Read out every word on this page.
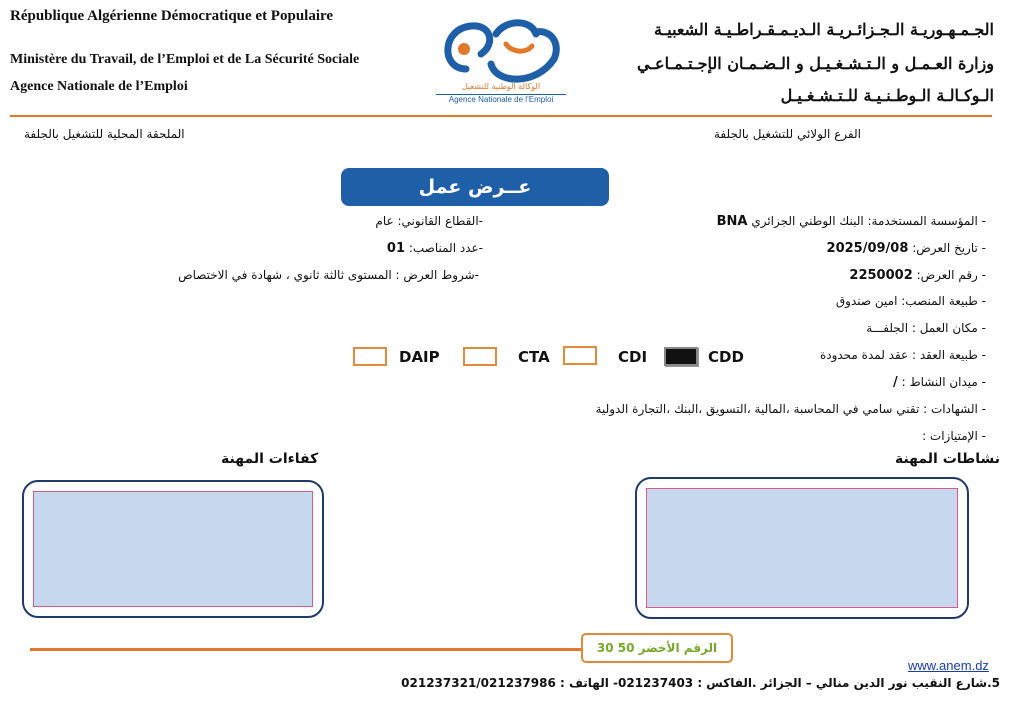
République Algérienne Démocratique et Populaire
Ministère du Travail, de l’Emploi et de La Sécurité Sociale
Agence Nationale de l’Emploi	الوكالة الوطنية للتشغيل
Agence Nationale de l’Emploi
الجـمـهـوريـة الـجـزائـريـة الـديـمـقـراطـيـة الشعبيـة
وزارة العـمـل و الـتـشـغـيـل و الـضـمـان الإجـتـمـاعـي
الـوكـالـة الـوطـنـيـة للـتـشـغـيـل
الملحقة المحلية للتشغيل بالجلفة	الفرع الولائي للتشغيل بالجلفة
عــرض عمل
- المؤسسة المستخدمة: البنك الوطني الجزائري BNA
- تاريخ العرض: 2025/09/08
- رقم العرض: 2250002
- طبيعة المنصب: امين صندوق
- مكان العمل : الجلفـــة
- طبيعة العقد : عقد لمدة محدودة
- ميدان النشاط : /
- الشهادات : تقني سامي في المحاسبة ،المالية ،التسويق ،البنك ،التجارة الدولية
- الإمتيازات :
-القطاع القانوني: عام
-عدد المناصب: 01
-شروط العرض : المستوى ثالثة ثانوي ، شهادة في الاختصاص
DAIP	CTA	CDI	CDD
كفاءات المهنة	نشاطات المهنة
الرقم الأخضر 50 30
www.anem.dz
5.شارع النقيب نور الدين منالي – الجزائر .الفاكس : 021237403- الهاتف : 021237321/021237986
